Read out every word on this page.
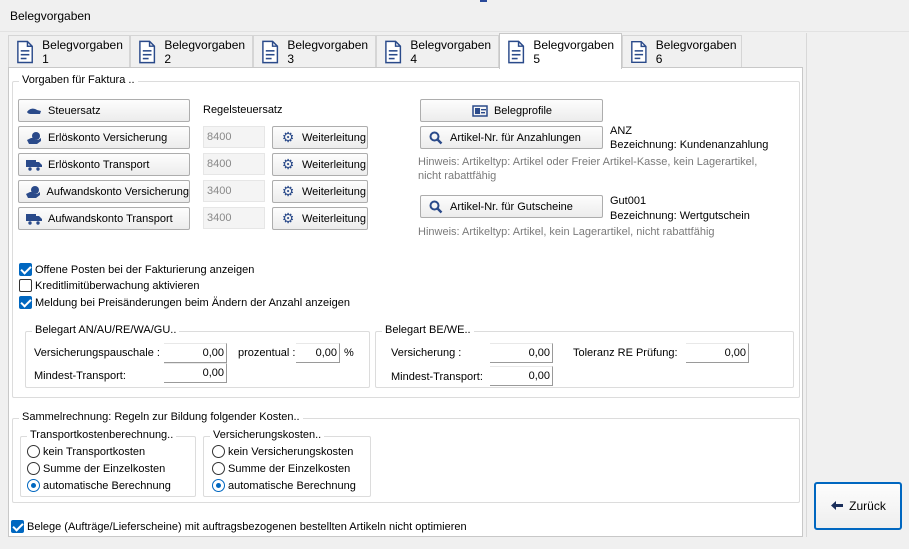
Belegvorgaben
Belegvorgaben 1
Belegvorgaben 2
Belegvorgaben 3
Belegvorgaben 4
Belegvorgaben 5
Belegvorgaben 6
Vorgaben für Faktura ..
Steuersatz	Regelsteuersatz
Erlöskonto Versicherung	8400	⚙ Weiterleitung
Erlöskonto Transport	8400	⚙ Weiterleitung
Aufwandskonto Versicherung	3400	⚙ Weiterleitung
Aufwandskonto Transport	3400	⚙ Weiterleitung
Belegprofile
Artikel-Nr. für Anzahlungen
ANZ
Bezeichnung: Kundenanzahlung
Hinweis: Artikeltyp: Artikel oder Freier Artikel-Kasse, kein Lagerartikel,
nicht rabattfähig
Artikel-Nr. für Gutscheine	Gut001
Bezeichnung: Wertgutschein
Hinweis: Artikeltyp: Artikel, kein Lagerartikel, nicht rabattfähig
Offene Posten bei der Fakturierung anzeigen
Kreditlimitüberwachung aktivieren
Meldung bei Preisänderungen beim Ändern der Anzahl anzeigen
Belegart AN/AU/RE/WA/GU..
Versicherungspauschale :	0,00 prozentual :	0,00 %
Mindest-Transport:	0,00
Belegart BE/WE..
Versicherung :	0,00 Toleranz RE Prüfung:	0,00
Mindest-Transport:	0,00
Sammelrechnung: Regeln zur Bildung folgender Kosten..
Transportkostenberechnung..
kein Transportkosten
Summe der Einzelkosten
automatische Berechnung
Versicherungskosten..
kein Versicherungskosten
Summe der Einzelkosten
automatische Berechnung
Belege (Aufträge/Lieferscheine) mit auftragsbezogenen bestellten Artikeln nicht optimieren
Zurück
